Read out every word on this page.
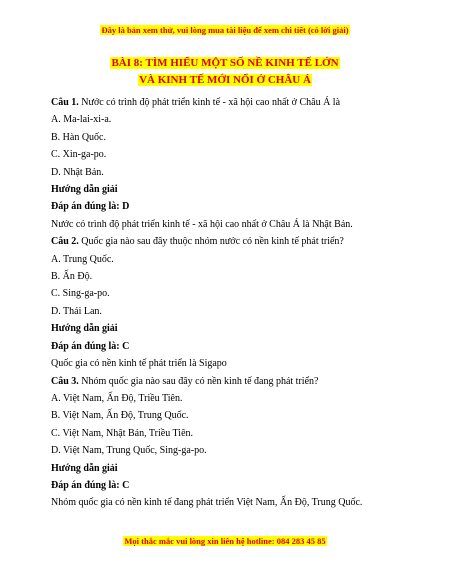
Đây là bản xem thử, vui lòng mua tài liệu để xem chi tiết (có lời giải)
BÀI 8: TÌM HIỂU MỘT SỐ NỀ KINH TẾ LỚN
VÀ KINH TẾ MỚI NỔI Ở CHÂU Á

Câu 1. Nước có trình độ phát triển kinh tế - xã hội cao nhất ở Châu Á là

A. Ma-lai-xi-a.

B. Hàn Quốc.

C. Xin-ga-po.

D. Nhật Bản.

Hướng dẫn giải

Đáp án đúng là: D

Nước có trình độ phát triển kinh tế - xã hội cao nhất ở Châu Á là Nhật Bản.

Câu 2. Quốc gia nào sau đây thuộc nhóm nước có nền kinh tế phát triển?

A. Trung Quốc.

B. Ấn Độ.

C. Sing-ga-po.

D. Thái Lan.

Hướng dẫn giải

Đáp án đúng là: C

Quốc gia có nền kinh tế phát triển là Sigapo

Câu 3. Nhóm quốc gia nào sau đây có nền kinh tế đang phát triển?

A. Việt Nam, Ấn Độ, Triều Tiên.

B. Việt Nam, Ấn Độ, Trung Quốc.

C. Việt Nam, Nhật Bản, Triều Tiên.

D. Việt Nam, Trung Quốc, Sing-ga-po.

Hướng dẫn giải

Đáp án đúng là: C

Nhóm quốc gia có nền kinh tế đang phát triển Việt Nam, Ấn Độ, Trung Quốc.

Mọi thắc mắc vui lòng xin liên hệ hotline: 084 283 45 85
